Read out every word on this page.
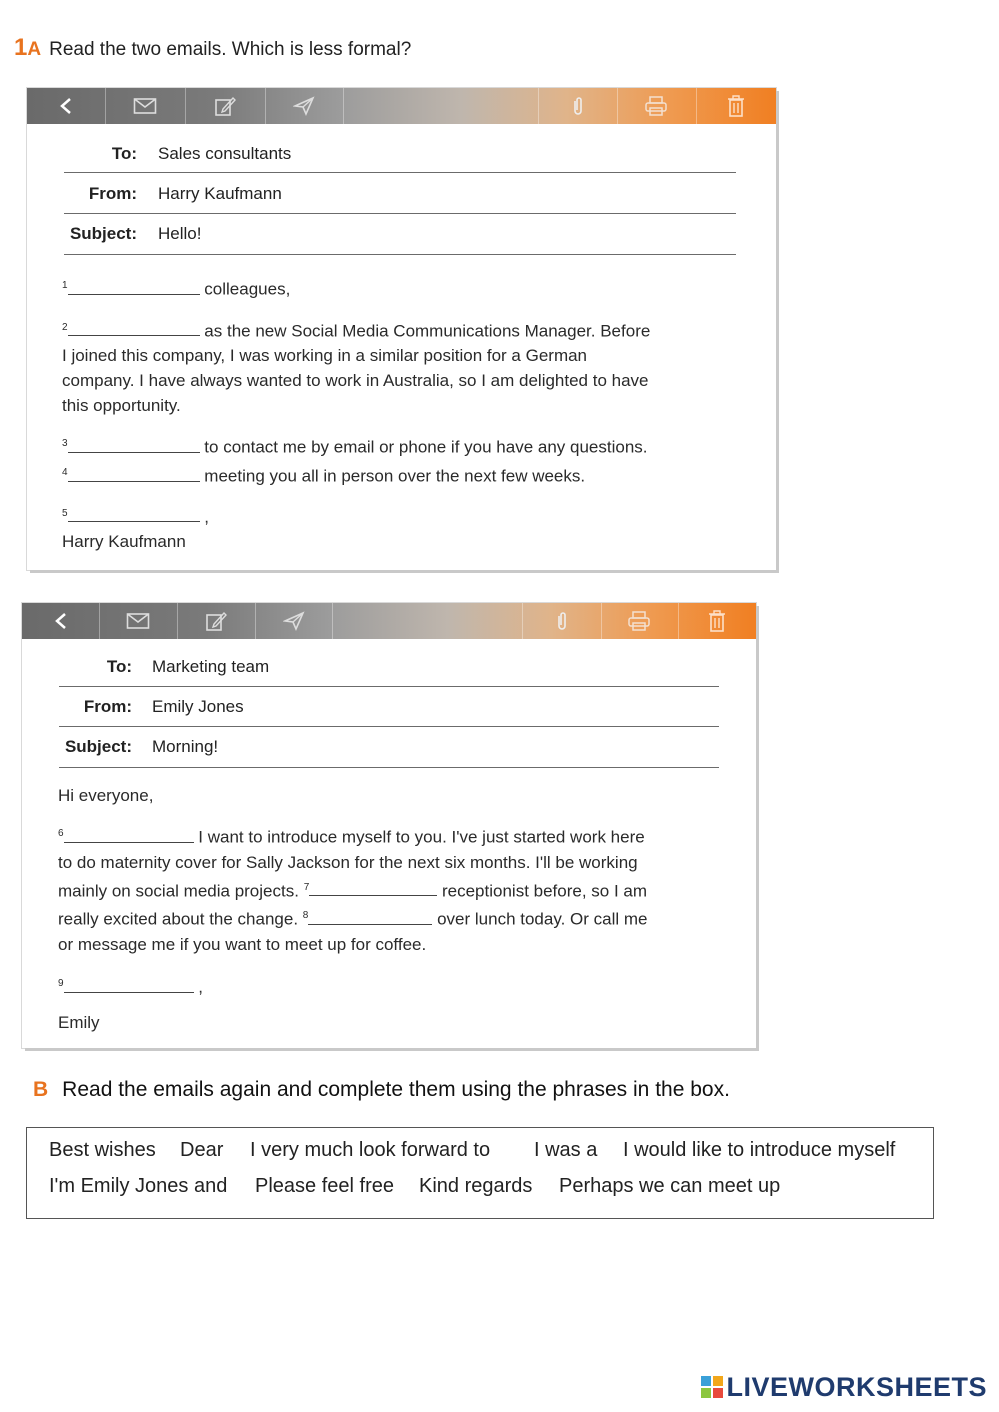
1A Read the two emails. Which is less formal?
To: Sales consultants
From: Harry Kaufmann
Subject: Hello!
$^1$	colleagues,
$^2$	as the new Social Media Communications Manager. Before
I joined this company, I was working in a similar position for a German
company. I have always wanted to work in Australia, so I am delighted to have
this opportunity.
$^3$	to contact me by email or phone if you have any questions.
$^4$	meeting you all in person over the next few weeks.
$^5$	,
Harry Kaufmann
To: Marketing team
From: Emily Jones
Subject: Morning!
Hi everyone,
$^6$	I want to introduce myself to you. I've just started work here
to do maternity cover for Sally Jackson for the next six months. I'll be working
mainly on social media projects. $^7$	receptionist before, so I am
really excited about the change. $^8$	over lunch today. Or call me
or message me if you want to meet up for coffee.
$^9$	,
Emily
B Read the emails again and complete them using the phrases in the box.
Best wishes Dear I very much look forward to I was a I would like to introduce myself
I'm Emily Jones and Please feel free Kind regards Perhaps we can meet up
LIVEWORKSHEETS
